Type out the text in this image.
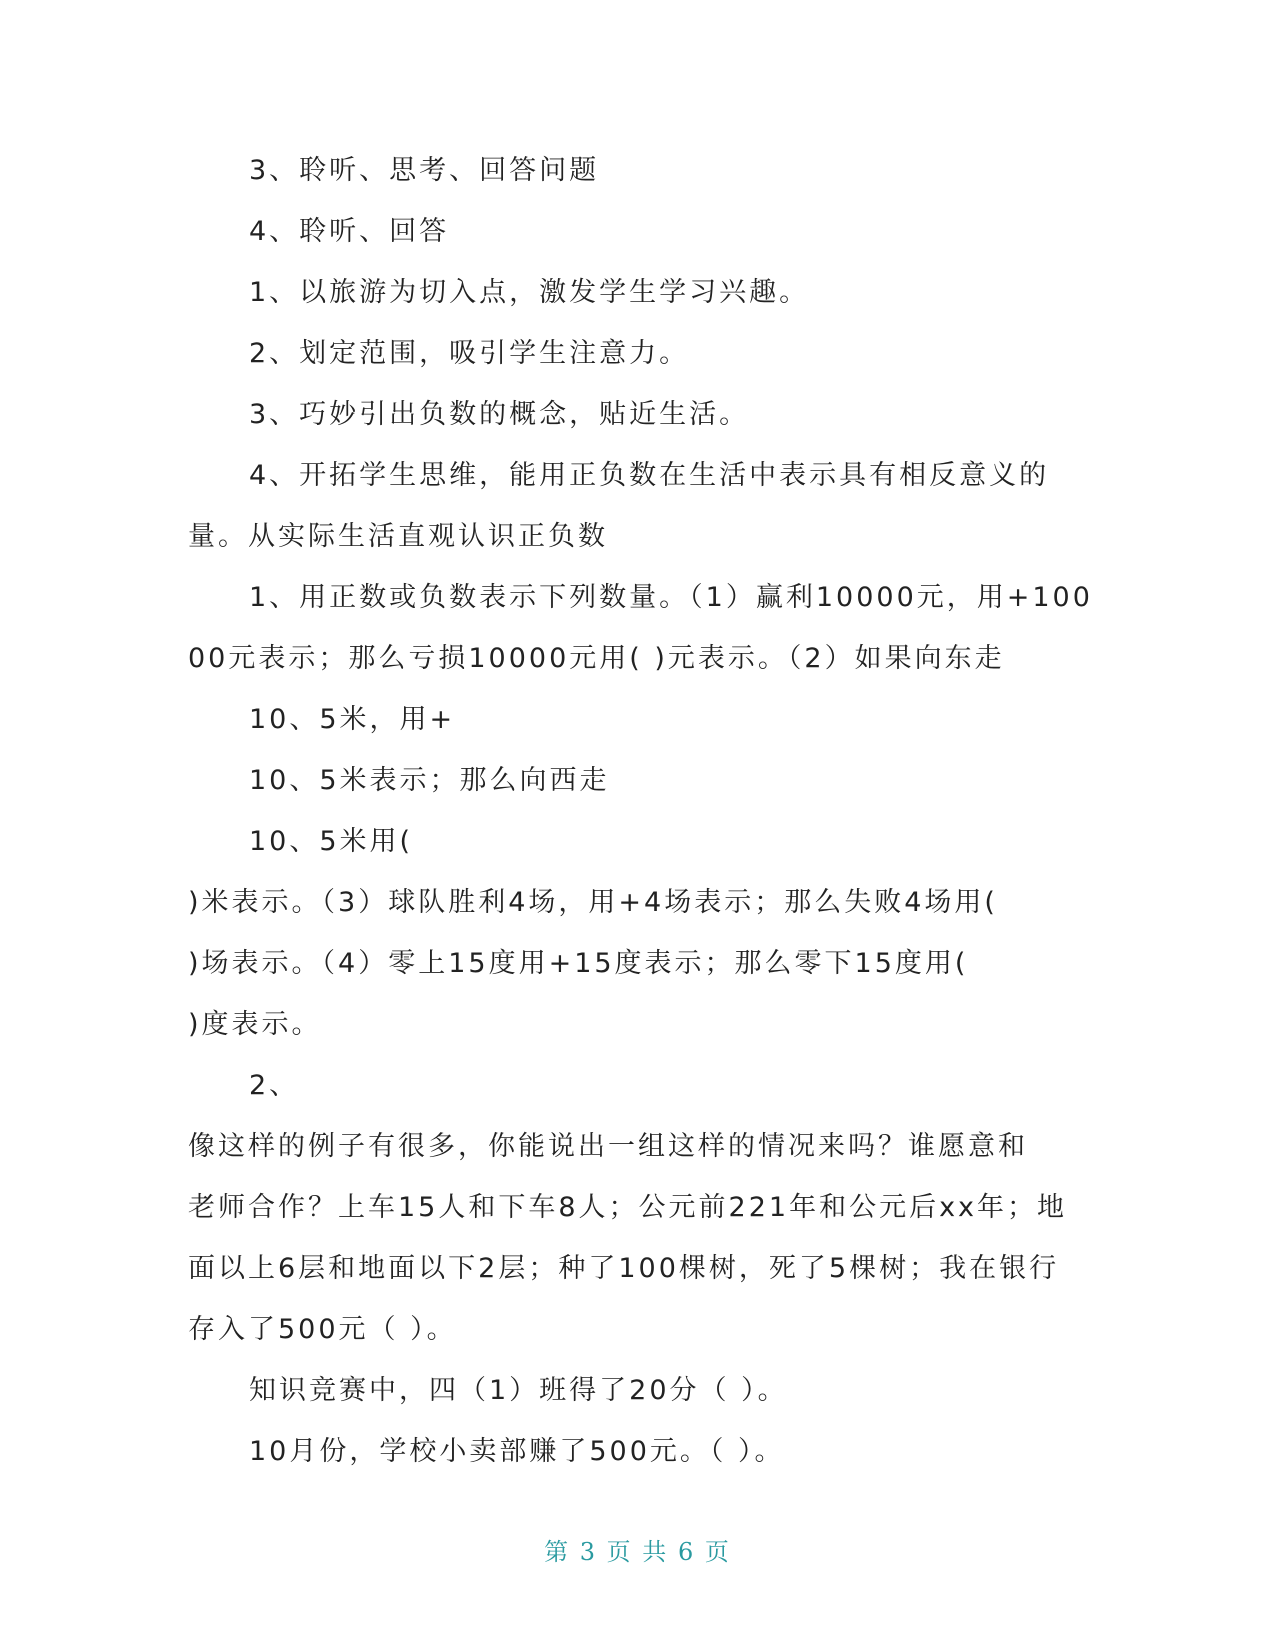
3、聆听、思考、回答问题
4、聆听、回答
1、以旅游为切入点，激发学生学习兴趣。
2、划定范围，吸引学生注意力。
3、巧妙引出负数的概念，贴近生活。
4、开拓学生思维，能用正负数在生活中表示具有相反意义的
量。从实际生活直观认识正负数
1、用正数或负数表示下列数量。（1）赢利10000元，用+100
00元表示；那么亏损10000元用( )元表示。（2）如果向东走
10、5米，用+
10、5米表示；那么向西走
10、5米用(
)米表示。（3）球队胜利4场，用+4场表示；那么失败4场用(
)场表示。（4）零上15度用+15度表示；那么零下15度用(
)度表示。
2、
像这样的例子有很多，你能说出一组这样的情况来吗？谁愿意和
老师合作？上车15人和下车8人；公元前221年和公元后xx年；地
面以上6层和地面以下2层；种了100棵树，死了5棵树；我在银行
存入了500元（ ）。
知识竞赛中，四（1）班得了20分（ ）。
10月份，学校小卖部赚了500元。（ ）。
第 3 页 共 6 页
